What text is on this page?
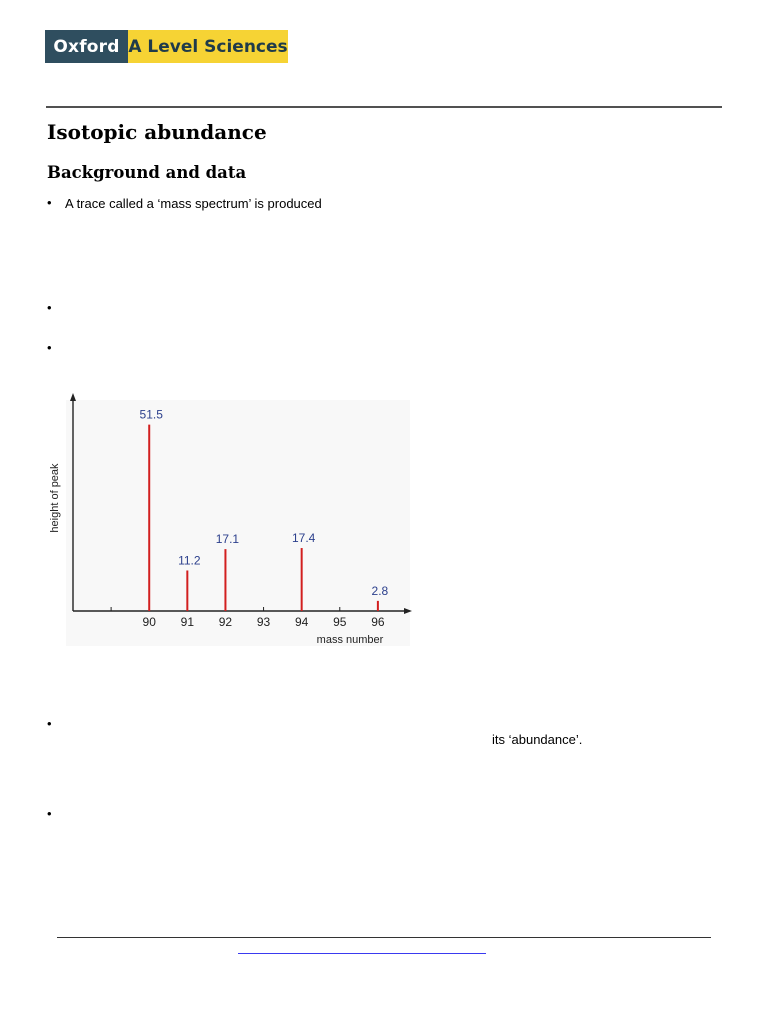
Oxford A Level Sciences
Isotopic abundance
Background and data
• A trace called a ‘mass spectrum’ is produced
•
•
height of peak
mass number
90 91 92 93 94 95 96
51.5
11.2
17.1	17.4
2.8
•
its ‘abundance’.
•
